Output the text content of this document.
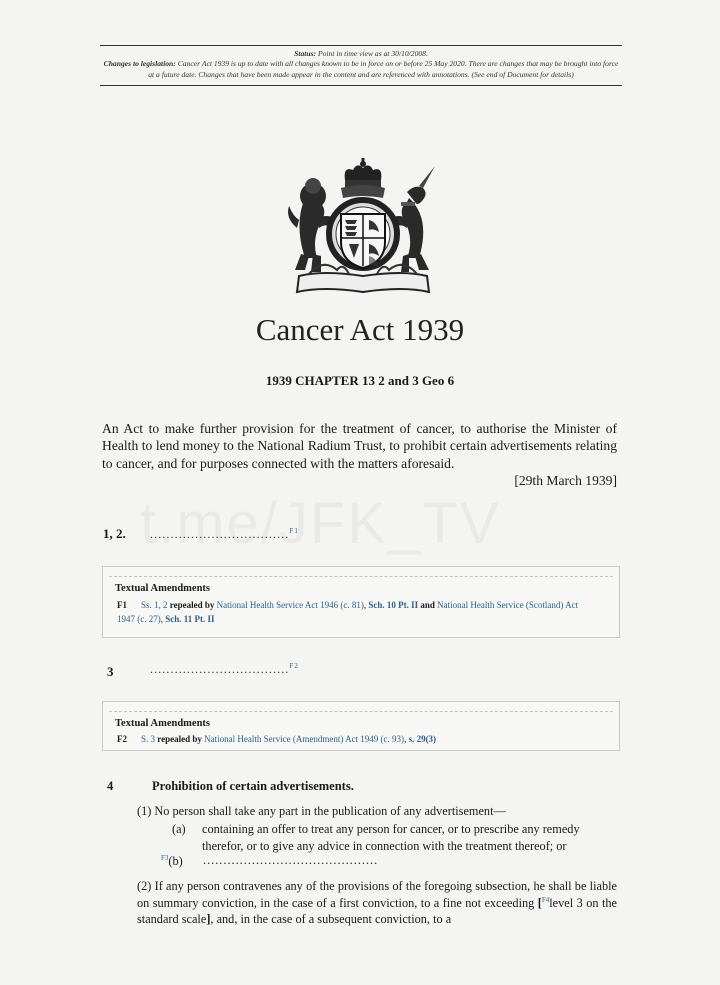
Status: Point in time view as at 30/10/2008.
Changes to legislation: Cancer Act 1939 is up to date with all changes known to be in force on or before 25 May 2020. There are changes that may be brought into force at a future date. Changes that have been made appear in the content and are referenced with annotations. (See end of Document for details)
Cancer Act 1939
1939 CHAPTER 13 2 and 3 Geo 6
An Act to make further provision for the treatment of cancer, to authorise the Minister of Health to lend money to the National Radium Trust, to prohibit certain advertisements relating to cancer, and for purposes connected with the matters aforesaid.
[29th March 1939]
1, 2. ..................................$^{F1}$
Textual Amendments
F1 Ss. 1, 2 repealed by National Health Service Act 1946 (c. 81), Sch. 10 Pt. II and National Health Service (Scotland) Act 1947 (c. 27), Sch. 11 Pt. II
3	..................................$^{F2}$
Textual Amendments
F2 S. 3 repealed by National Health Service (Amendment) Act 1949 (c. 93), s. 29(3)
4	Prohibition of certain advertisements.
(1) No person shall take any part in the publication of any advertisement—
(a)	containing an offer to treat any person for cancer, or to prescribe any remedy therefor, or to give any advice in connection with the treatment thereof; or
$^{F3}$(b)	...........................................
(2) If any person contravenes any of the provisions of the foregoing subsection, he shall be liable on summary conviction, in the case of a first conviction, to a fine not exceeding [$^{F4}$level 3 on the standard scale], and, in the case of a subsequent conviction, to a
